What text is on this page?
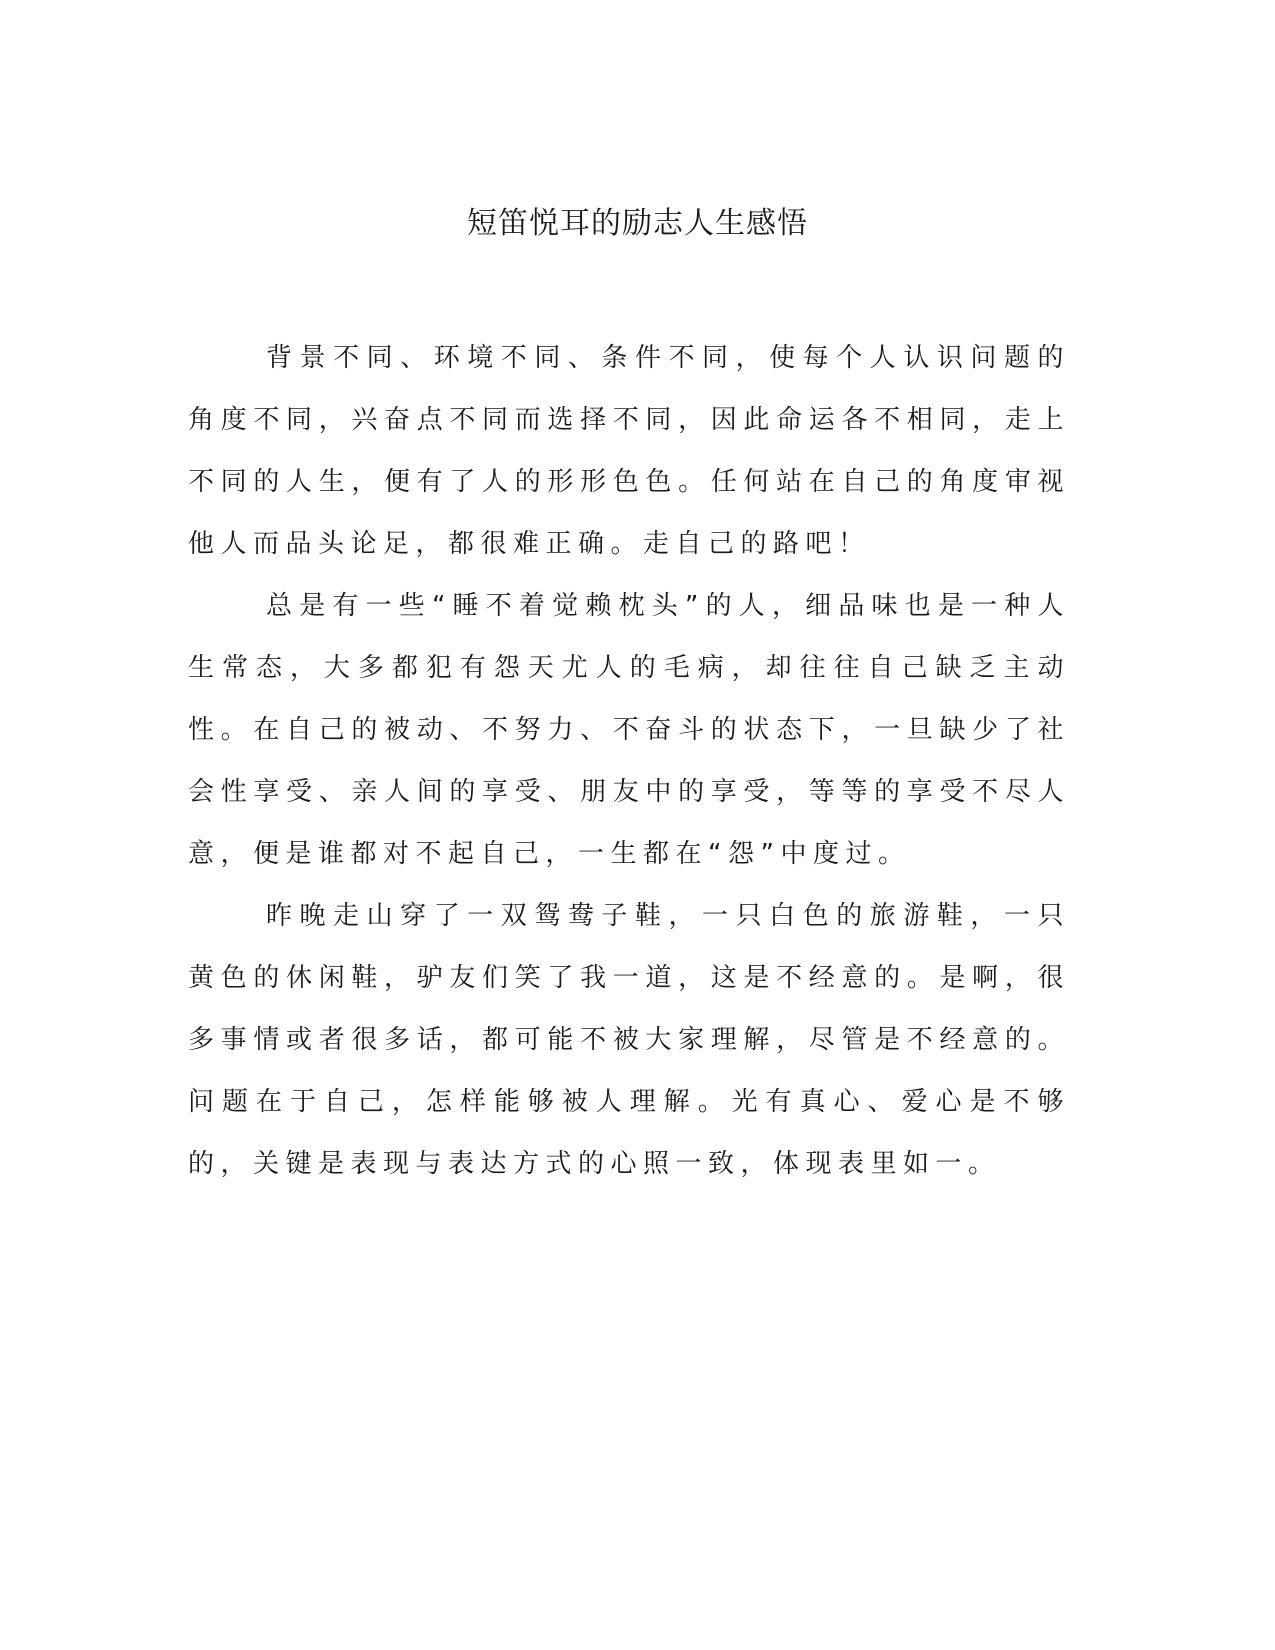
短笛悦耳的励志人生感悟

背景不同、环境不同、条件不同，使每个人认识问题的角度不同，兴奋点不同而选择不同，因此命运各不相同，走上不同的人生，便有了人的形形色色。任何站在自己的角度审视他人而品头论足，都很难正确。走自己的路吧！

总是有一些“睡不着觉赖枕头”的人，细品味也是一种人生常态，大多都犯有怨天尤人的毛病，却往往自己缺乏主动性。在自己的被动、不努力、不奋斗的状态下，一旦缺少了社会性享受、亲人间的享受、朋友中的享受，等等的享受不尽人意，便是谁都对不起自己，一生都在“怨”中度过。

昨晚走山穿了一双鸳鸯子鞋，一只白色的旅游鞋，一只黄色的休闲鞋，驴友们笑了我一道，这是不经意的。是啊，很多事情或者很多话，都可能不被大家理解，尽管是不经意的。问题在于自己，怎样能够被人理解。光有真心、爱心是不够的，关键是表现与表达方式的心照一致，体现表里如一。
